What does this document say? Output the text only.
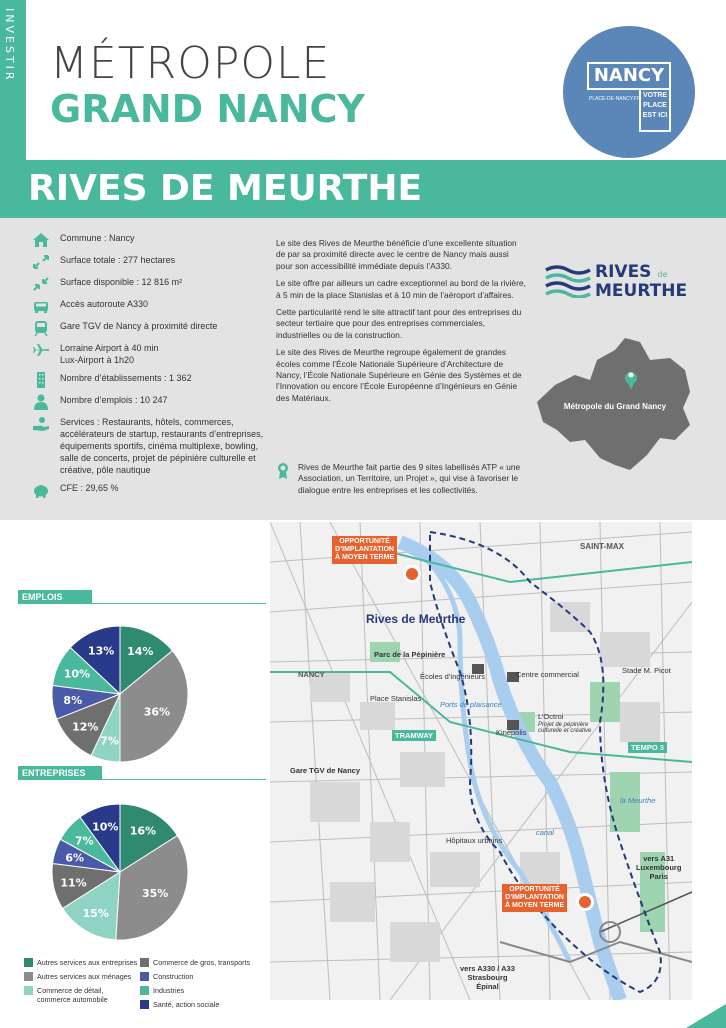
INVESTIR MÉTROPOLE
GRAND NANCY
NANCY
VOTRE PLACE EST ICI
PLACE-DE-NANCY.FR
RIVES DE MEURTHE
Commune : Nancy
Surface totale : 277 hectares
Surface disponible : 12 816 m²
Accès autoroute A330
Gare TGV de Nancy à proximité directe
Lorraine Airport à 40 min
Lux-Airport à 1h20
Nombre d’établissements : 1 362
Nombre d’emplois : 10 247
Services : Restaurants, hôtels, commerces, accélérateurs de startup, restaurants d’entreprises, équipements sportifs, cinéma multiplexe, bowling, salle de concerts, projet de pépinière culturelle et créative, pôle nautique
CFE : 29,65 %

Le site des Rives de Meurthe bénéficie d’une excellente situation de par sa proximité directe avec le centre de Nancy mais aussi pour son accessibilité immédiate depuis l’A330.

Le site offre par ailleurs un cadre exceptionnel au bord de la rivière, à 5 min de la place Stanislas et à 10 min de l’aéroport d’affaires.

Cette particularité rend le site attractif tant pour des entreprises du secteur tertiaire que pour des entreprises commerciales, industrielles ou de la construction.

Le site des Rives de Meurthe regroupe également de grandes écoles comme l’École Nationale Supérieure d’Architecture de Nancy, l’École Nationale Supérieure en Génie des Systèmes et de l’Innovation ou encore l’École Européenne d’Ingénieurs en Génie des Matériaux.

Rives de Meurthe fait partie des 9 sites labellisés ATP « une Association, un Territoire, un Projet », qui vise à favoriser le dialogue entre les entreprises et les collectivités.
RIVES de
MEURTHE
Métropole du Grand Nancy
EMPLOIS
14%
36%
7%
12%
8%
10%
13%
ENTREPRISES
16%
35%
15%
11%
6%
7%
10%
Autres services aux entreprises
Autres services aux ménages
Commerce de détail, commerce automobile
Commerce de gros, transports
Construction
Industries
Santé, action sociale
OPPORTUNITÉ
D’IMPLANTATION
À MOYEN TERME
OPPORTUNITÉ
D’IMPLANTATION
À MOYEN TERME
SAINT-MAX
Rives de Meurthe
Parc de la Pépinière
NANCY	Écoles d’ingénieurs	Centre commercial	Stade M. Picot
Place Stanislas
Ports de plaisance
L’Octroi
Projet de pépinière culturelle et créative
TRAMWAY	Kinépolis
TEMPO 3
Gare TGV de Nancy
la Meurthe
Hôpitaux urbains
canal
vers A31
Luxembourg
Paris
vers A330 / A33
Strasbourg
Épinal
